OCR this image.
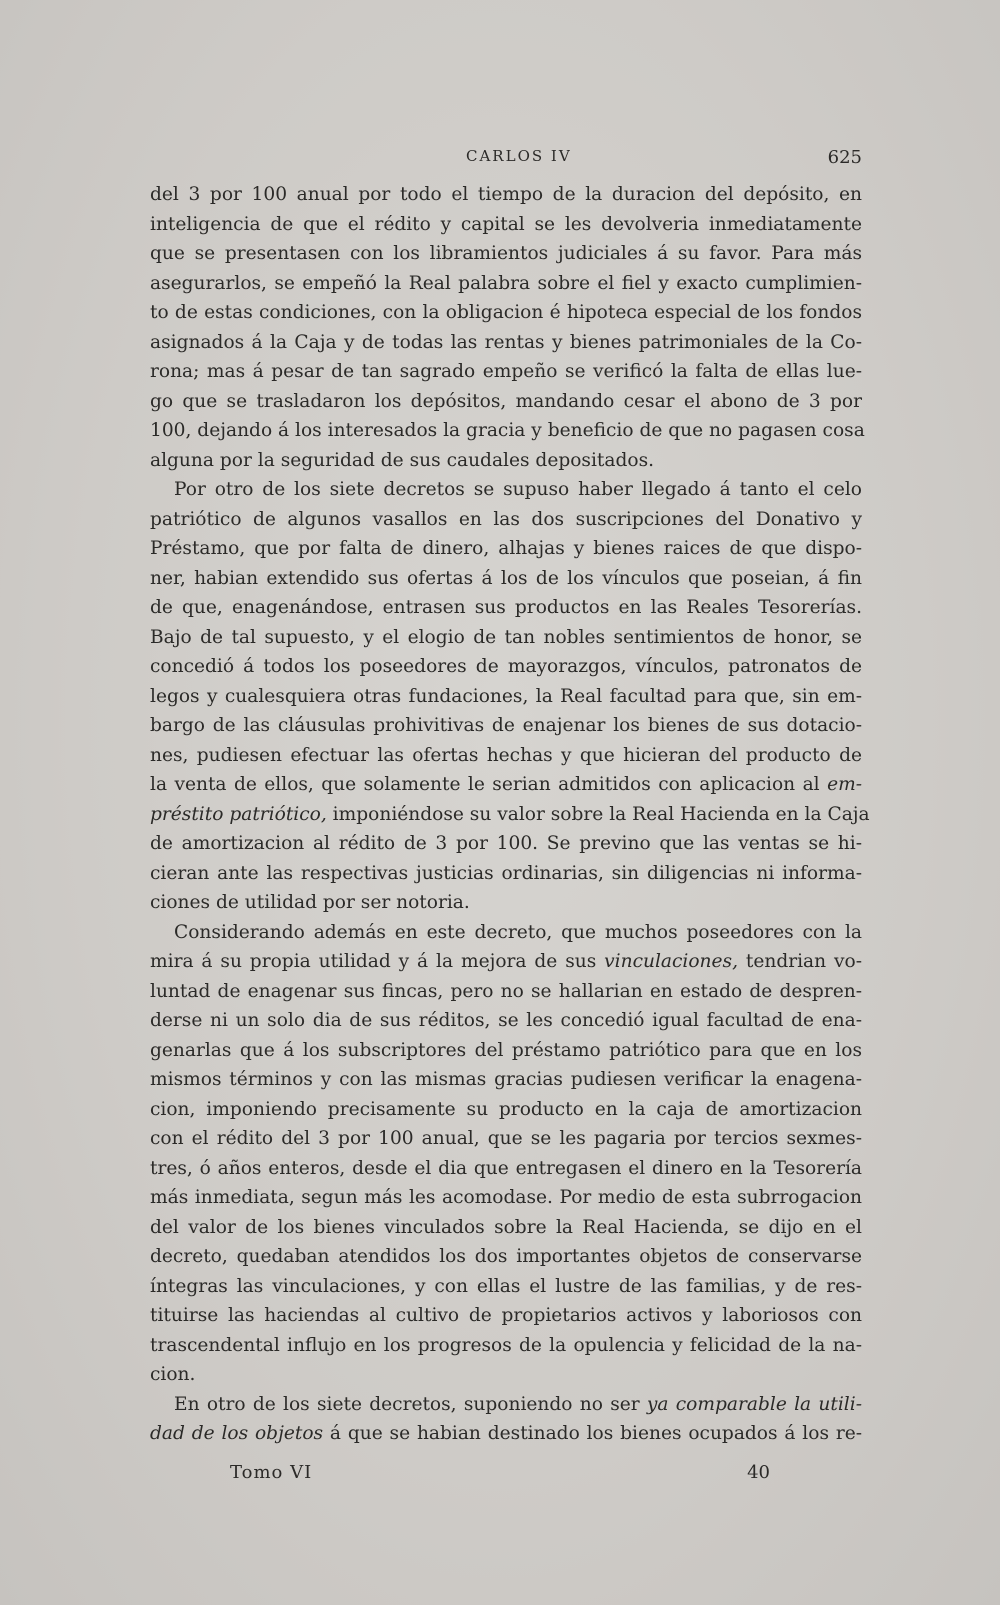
CARLOS IV	625
del 3 por 100 anual por todo el tiempo de la duracion del depósito, en
inteligencia de que el rédito y capital se les devolveria inmediatamente
que se presentasen con los libramientos judiciales á su favor. Para más
asegurarlos, se empeñó la Real palabra sobre el fiel y exacto cumplimien-
to de estas condiciones, con la obligacion é hipoteca especial de los fondos
asignados á la Caja y de todas las rentas y bienes patrimoniales de la Co-
rona; mas á pesar de tan sagrado empeño se verificó la falta de ellas lue-
go que se trasladaron los depósitos, mandando cesar el abono de 3 por
100, dejando á los interesados la gracia y beneficio de que no pagasen cosa
alguna por la seguridad de sus caudales depositados.
Por otro de los siete decretos se supuso haber llegado á tanto el celo
patriótico de algunos vasallos en las dos suscripciones del Donativo y
Préstamo, que por falta de dinero, alhajas y bienes raices de que dispo-
ner, habian extendido sus ofertas á los de los vínculos que poseian, á fin
de que, enagenándose, entrasen sus productos en las Reales Tesorerías.
Bajo de tal supuesto, y el elogio de tan nobles sentimientos de honor, se
concedió á todos los poseedores de mayorazgos, vínculos, patronatos de
legos y cualesquiera otras fundaciones, la Real facultad para que, sin em-
bargo de las cláusulas prohivitivas de enajenar los bienes de sus dotacio-
nes, pudiesen efectuar las ofertas hechas y que hicieran del producto de
la venta de ellos, que solamente le serian admitidos con aplicacion al em-
préstito patriótico, imponiéndose su valor sobre la Real Hacienda en la Caja
de amortizacion al rédito de 3 por 100. Se previno que las ventas se hi-
cieran ante las respectivas justicias ordinarias, sin diligencias ni informa-
ciones de utilidad por ser notoria.
Considerando además en este decreto, que muchos poseedores con la
mira á su propia utilidad y á la mejora de sus vinculaciones, tendrian vo-
luntad de enagenar sus fincas, pero no se hallarian en estado de despren-
derse ni un solo dia de sus réditos, se les concedió igual facultad de ena-
genarlas que á los subscriptores del préstamo patriótico para que en los
mismos términos y con las mismas gracias pudiesen verificar la enagena-
cion, imponiendo precisamente su producto en la caja de amortizacion
con el rédito del 3 por 100 anual, que se les pagaria por tercios sexmes-
tres, ó años enteros, desde el dia que entregasen el dinero en la Tesorería
más inmediata, segun más les acomodase. Por medio de esta subrrogacion
del valor de los bienes vinculados sobre la Real Hacienda, se dijo en el
decreto, quedaban atendidos los dos importantes objetos de conservarse
íntegras las vinculaciones, y con ellas el lustre de las familias, y de res-
tituirse las haciendas al cultivo de propietarios activos y laboriosos con
trascendental influjo en los progresos de la opulencia y felicidad de la na-
cion.
En otro de los siete decretos, suponiendo no ser ya comparable la utili-
dad de los objetos á que se habian destinado los bienes ocupados á los re-
Tomo VI	40
